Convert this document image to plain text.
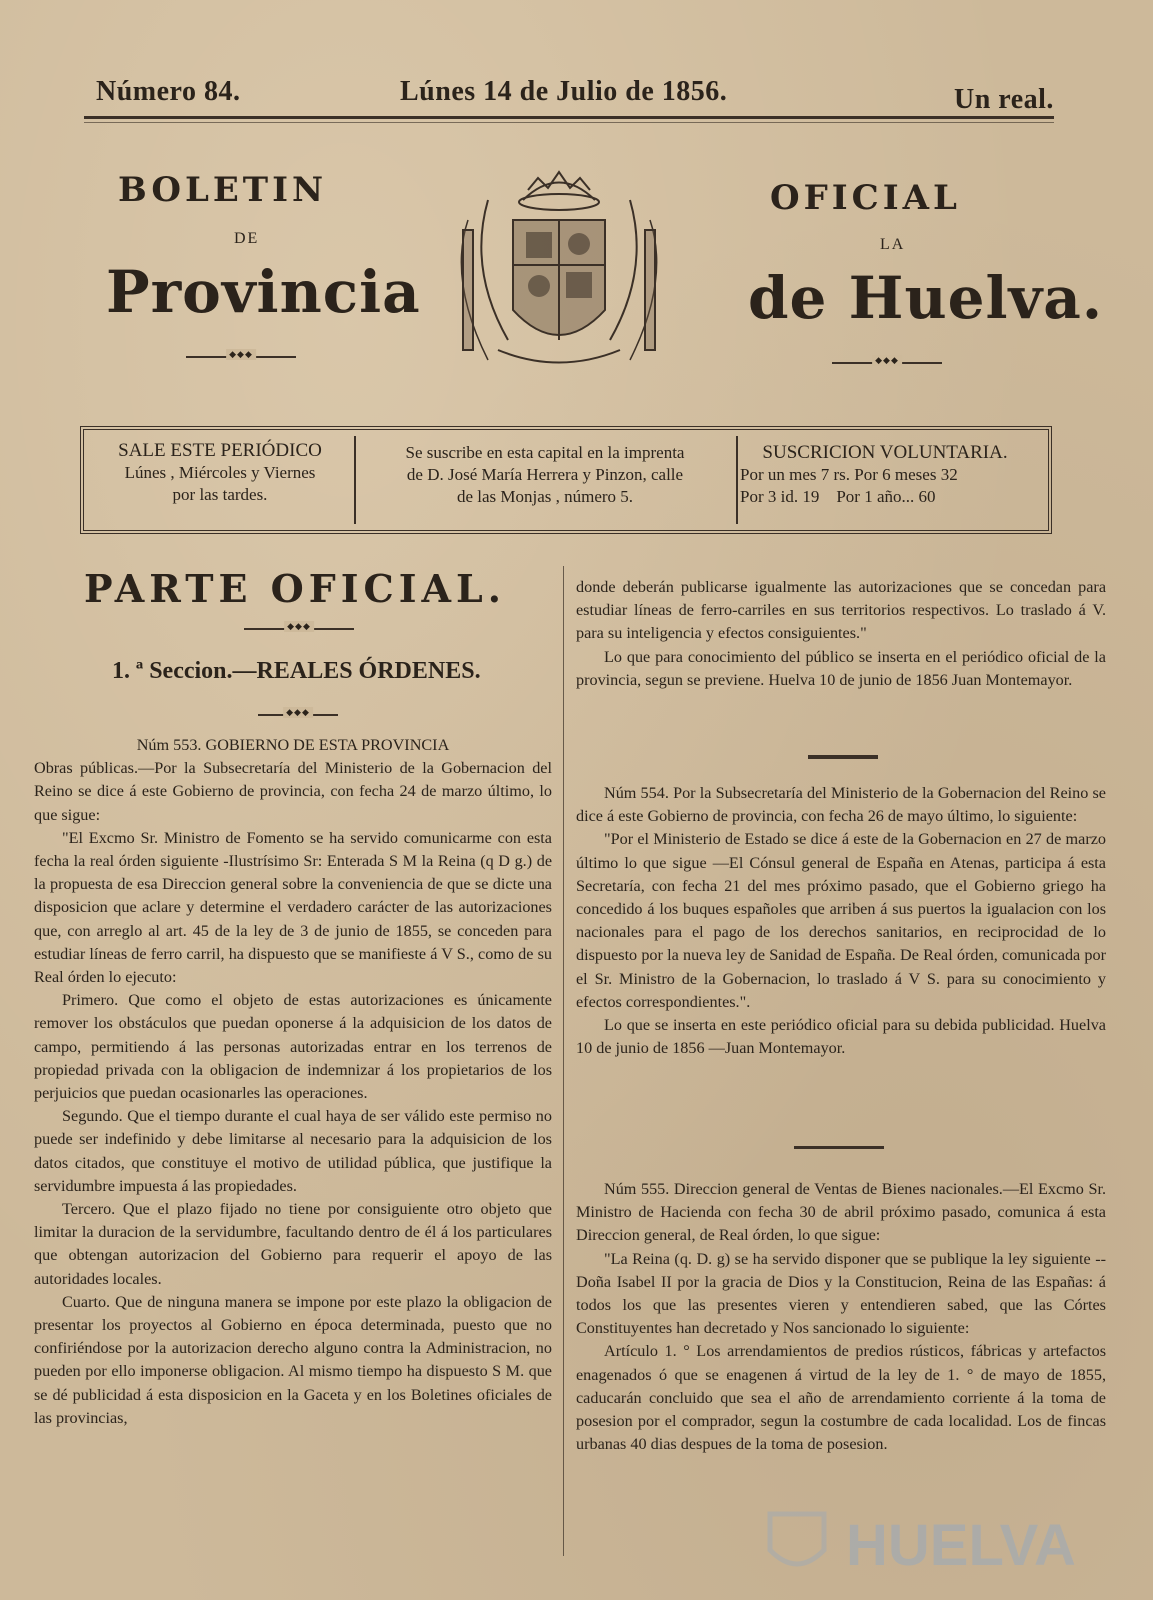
Número 84.	Lúnes 14 de Julio de 1856.	Un real.
BOLETIN
DE
Provincia
◆◆◆
OFICIAL
LA
de Huelva.
◆◆◆

SALE ESTE PERIÓDICO

Lúnes , Miércoles y Viernes

por las tardes.

Se suscribe en esta capital en la imprenta

de D. José María Herrera y Pinzon, calle

de las Monjas , número 5.

SUSCRICION VOLUNTARIA.

Por un mes 7 rs. Por 6 meses 32

Por 3 id. 19    Por 1 año... 60

PARTE OFICIAL.
◆◆◆
1. ª Seccion.—REALES ÓRDENES.
◆◆◆

Núm 553. GOBIERNO DE ESTA PROVINCIA

Obras públicas.—Por la Subsecretaría del Ministerio de la Gobernacion del Reino se dice á este Gobierno de provincia, con fecha 24 de marzo último, lo que sigue:

"El Excmo Sr. Ministro de Fomento se ha servido comunicarme con esta fecha la real órden siguiente -Ilustrísimo Sr: Enterada S M la Reina (q D g.) de la propuesta de esa Direccion general sobre la conveniencia de que se dicte una disposicion que aclare y determine el verdadero carácter de las autorizaciones que, con arreglo al art. 45 de la ley de 3 de junio de 1855, se conceden para estudiar líneas de ferro carril, ha dispuesto que se manifieste á V S., como de su Real órden lo ejecuto:

Primero. Que como el objeto de estas autorizaciones es únicamente remover los obstáculos que puedan oponerse á la adquisicion de los datos de campo, permitiendo á las personas autorizadas entrar en los terrenos de propiedad privada con la obligacion de indemnizar á los propietarios de los perjuicios que puedan ocasionarles las operaciones.

Segundo. Que el tiempo durante el cual haya de ser válido este permiso no puede ser indefinido y debe limitarse al necesario para la adquisicion de los datos citados, que constituye el motivo de utilidad pública, que justifique la servidumbre impuesta á las propiedades.

Tercero. Que el plazo fijado no tiene por consiguiente otro objeto que limitar la duracion de la servidumbre, facultando dentro de él á los particulares que obtengan autorizacion del Gobierno para requerir el apoyo de las autoridades locales.

Cuarto. Que de ninguna manera se impone por este plazo la obligacion de presentar los proyectos al Gobierno en época determinada, puesto que no confiriéndose por la autorizacion derecho alguno contra la Administracion, no pueden por ello imponerse obligacion. Al mismo tiempo ha dispuesto S M. que se dé publicidad á esta disposicion en la Gaceta y en los Boletines oficiales de las provincias,

donde deberán publicarse igualmente las autorizaciones que se concedan para estudiar líneas de ferro-carriles en sus territorios respectivos. Lo traslado á V. para su inteligencia y efectos consiguientes."

Lo que para conocimiento del público se inserta en el periódico oficial de la provincia, segun se previene. Huelva 10 de junio de 1856 Juan Montemayor.

Núm 554. Por la Subsecretaría del Ministerio de la Gobernacion del Reino se dice á este Gobierno de provincia, con fecha 26 de mayo último, lo siguiente:

"Por el Ministerio de Estado se dice á este de la Gobernacion en 27 de marzo último lo que sigue —El Cónsul general de España en Atenas, participa á esta Secretaría, con fecha 21 del mes próximo pasado, que el Gobierno griego ha concedido á los buques españoles que arriben á sus puertos la igualacion con los nacionales para el pago de los derechos sanitarios, en reciprocidad de lo dispuesto por la nueva ley de Sanidad de España. De Real órden, comunicada por el Sr. Ministro de la Gobernacion, lo traslado á V S. para su conocimiento y efectos correspondientes.".

Lo que se inserta en este periódico oficial para su debida publicidad. Huelva 10 de junio de 1856 —Juan Montemayor.

Núm 555. Direccion general de Ventas de Bienes nacionales.—El Excmo Sr. Ministro de Hacienda con fecha 30 de abril próximo pasado, comunica á esta Direccion general, de Real órden, lo que sigue:

"La Reina (q. D. g) se ha servido disponer que se publique la ley siguiente --Doña Isabel II por la gracia de Dios y la Constitucion, Reina de las Españas: á todos los que las presentes vieren y entendieren sabed, que las Córtes Constituyentes han decretado y Nos sancionado lo siguiente:

Artículo 1. ° Los arrendamientos de predios rústicos, fábricas y artefactos enagenados ó que se enagenen á virtud de la ley de 1. ° de mayo de 1855, caducarán concluido que sea el año de arrendamiento corriente á la toma de posesion por el comprador, segun la costumbre de cada localidad. Los de fincas urbanas 40 dias despues de la toma de posesion.

HUELVA
